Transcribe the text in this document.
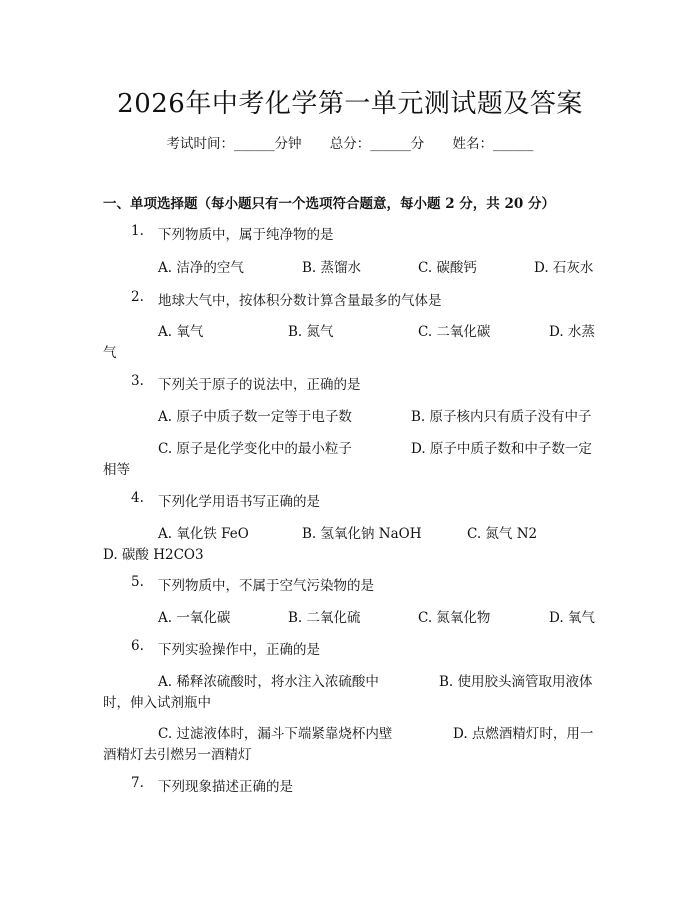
2026年中考化学第一单元测试题及答案
考试时间：______分钟 总分：______分 姓名：______
一、单项选择题（每小题只有一个选项符合题意，每小题 2 分，共 20 分）
1. 下列物质中，属于纯净物的是
A. 洁净的空气	B. 蒸馏水	C. 碳酸钙	D. 石灰水
2. 地球大气中，按体积分数计算含量最多的气体是
A. 氧气	B. 氮气	C. 二氧化碳	D. 水蒸
气
3. 下列关于原子的说法中，正确的是
A. 原子中质子数一定等于电子数	B. 原子核内只有质子没有中子
C. 原子是化学变化中的最小粒子	D. 原子中质子数和中子数一定
相等
4. 下列化学用语书写正确的是
A. 氧化铁 FeO	B. 氢氧化钠 NaOH	C. 氮气 N2
D. 碳酸 H2CO3
5. 下列物质中，不属于空气污染物的是
A. 一氧化碳	B. 二氧化硫	C. 氮氧化物	D. 氧气
6. 下列实验操作中，正确的是
A. 稀释浓硫酸时，将水注入浓硫酸中	B. 使用胶头滴管取用液体
时，伸入试剂瓶中
C. 过滤液体时，漏斗下端紧靠烧杯内壁	D. 点燃酒精灯时，用一
酒精灯去引燃另一酒精灯
7. 下列现象描述正确的是
